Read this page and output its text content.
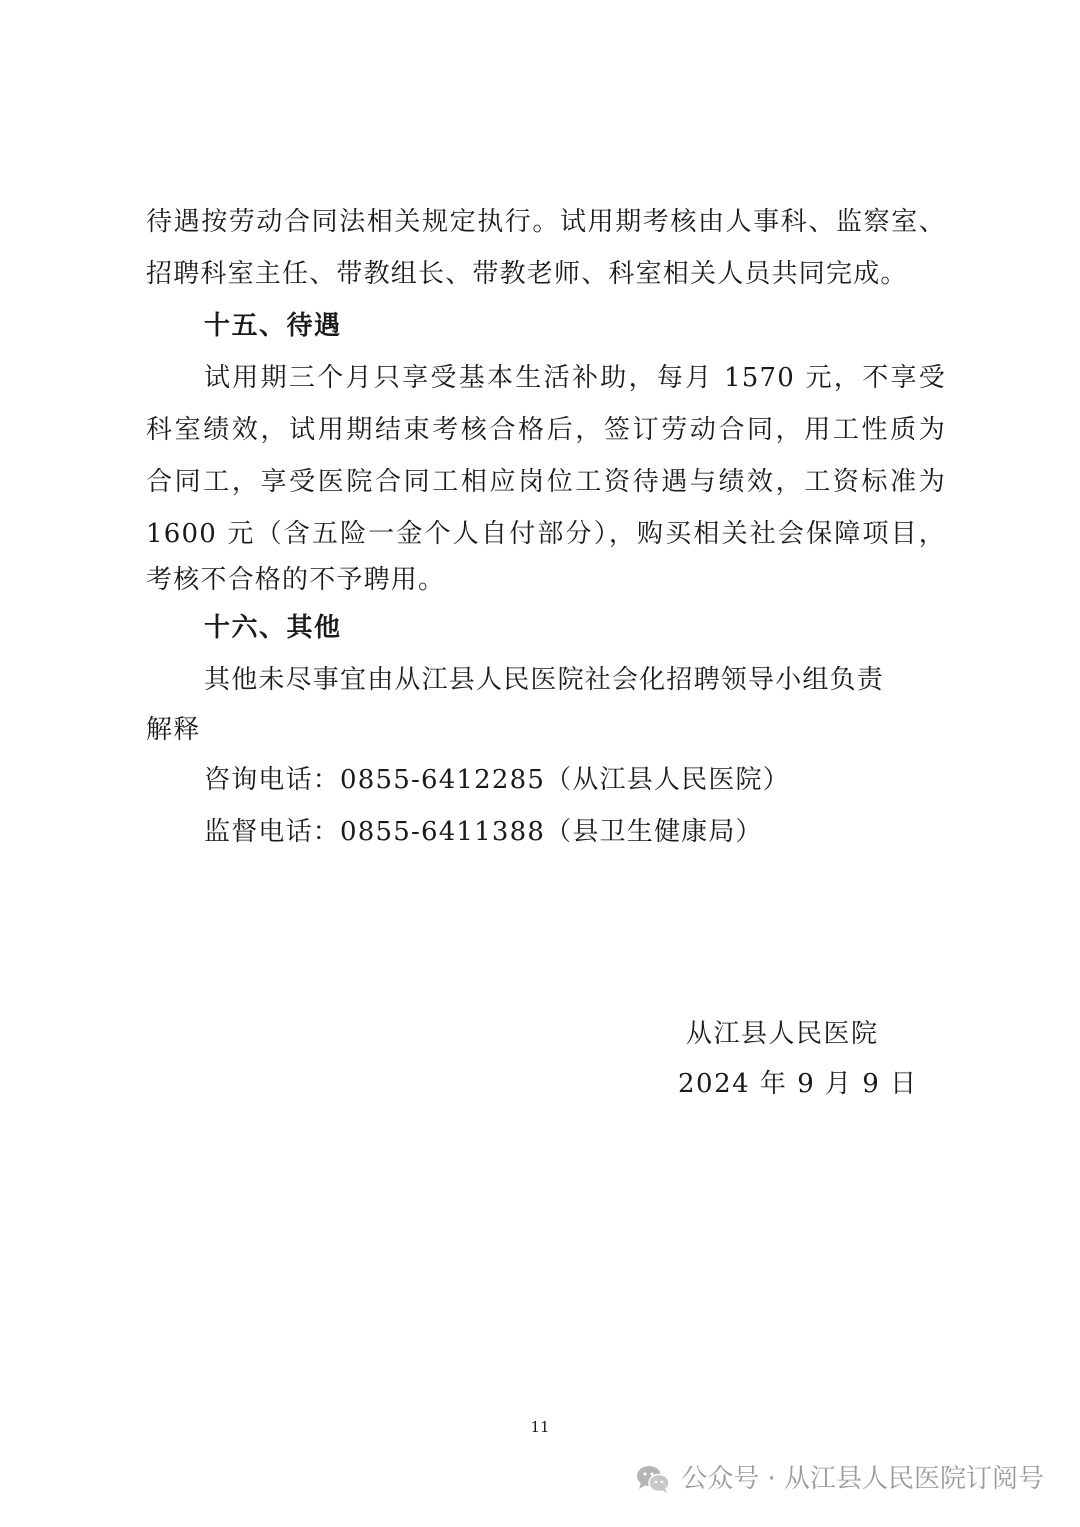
待遇按劳动合同法相关规定执行。试用期考核由人事科、监察室、
招聘科室主任、带教组长、带教老师、科室相关人员共同完成。
十五、待遇
试用期三个月只享受基本生活补助，每月 1570 元，不享受
科室绩效，试用期结束考核合格后，签订劳动合同，用工性质为
合同工，享受医院合同工相应岗位工资待遇与绩效，工资标准为
1600 元（含五险一金个人自付部分），购买相关社会保障项目，
考核不合格的不予聘用。
十六、其他
其他未尽事宜由从江县人民医院社会化招聘领导小组负责
解释
咨询电话：0855-6412285（从江县人民医院）
监督电话：0855-6411388（县卫生健康局）
从江县人民医院
2024 年 9 月 9 日
11
公众号 · 从江县人民医院订阅号
